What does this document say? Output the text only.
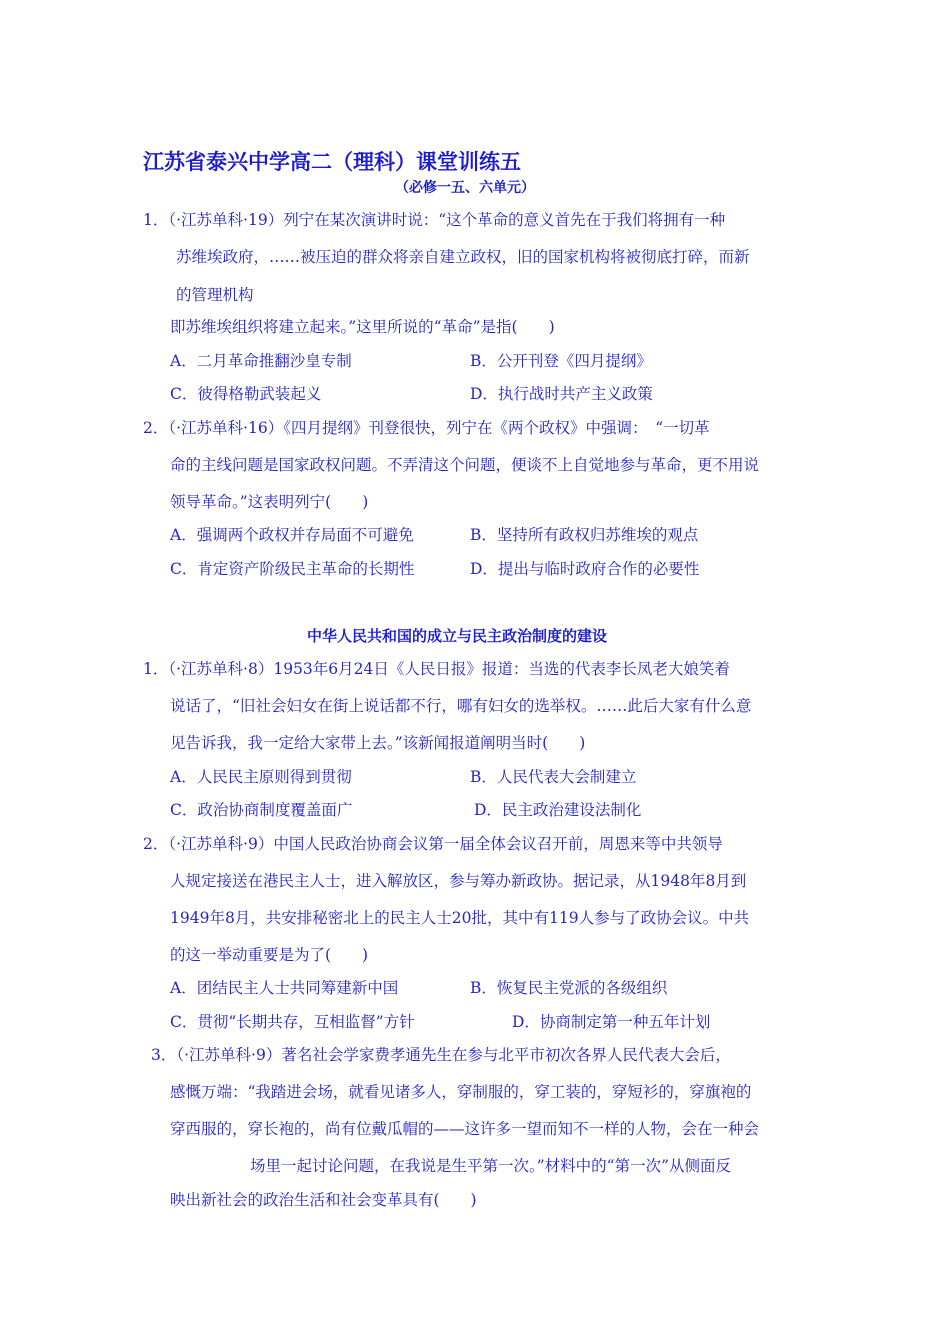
江苏省泰兴中学高二（理科）课堂训练五
（必修一五、六单元）
1．（·江苏单科·19）列宁在某次演讲时说：“这个革命的意义首先在于我们将拥有一种
苏维埃政府，……被压迫的群众将亲自建立政权，旧的国家机构将被彻底打碎，而新
的管理机构
即苏维埃组织将建立起来。”这里所说的“革命”是指(　　)
A．二月革命推翻沙皇专制	B．公开刊登《四月提纲》
C．彼得格勒武装起义	D．执行战时共产主义政策
2．（·江苏单科·16）《四月提纲》刊登很快，列宁在《两个政权》中强调：　“一切革
命的主线问题是国家政权问题。不弄清这个问题，便谈不上自觉地参与革命，更不用说
领导革命。”这表明列宁(　　)
A．强调两个政权并存局面不可避免	B．坚持所有政权归苏维埃的观点
C．肯定资产阶级民主革命的长期性	D．提出与临时政府合作的必要性
中华人民共和国的成立与民主政治制度的建设
1．（·江苏单科·8）1953年6月24日《人民日报》报道：当选的代表李长凤老大娘笑着
说话了，“旧社会妇女在街上说话都不行，哪有妇女的选举权。……此后大家有什么意
见告诉我，我一定给大家带上去。”该新闻报道阐明当时(　　)
A．人民民主原则得到贯彻	B．人民代表大会制建立
C．政治协商制度覆盖面广	D．民主政治建设法制化
2．（·江苏单科·9）中国人民政治协商会议第一届全体会议召开前，周恩来等中共领导
人规定接送在港民主人士，进入解放区，参与筹办新政协。据记录，从1948年8月到
1949年8月，共安排秘密北上的民主人士20批，其中有119人参与了政协会议。中共
的这一举动重要是为了(　　)
A．团结民主人士共同筹建新中国	B．恢复民主党派的各级组织
C．贯彻“长期共存，互相监督”方针	D．协商制定第一种五年计划
3．（·江苏单科·9）著名社会学家费孝通先生在参与北平市初次各界人民代表大会后，
感慨万端：“我踏进会场，就看见诸多人，穿制服的，穿工装的，穿短衫的，穿旗袍的
穿西服的，穿长袍的，尚有位戴瓜帽的——这许多一望而知不一样的人物，会在一种会
场里一起讨论问题，在我说是生平第一次。”材料中的“第一次”从侧面反
映出新社会的政治生活和社会变革具有(　　)
